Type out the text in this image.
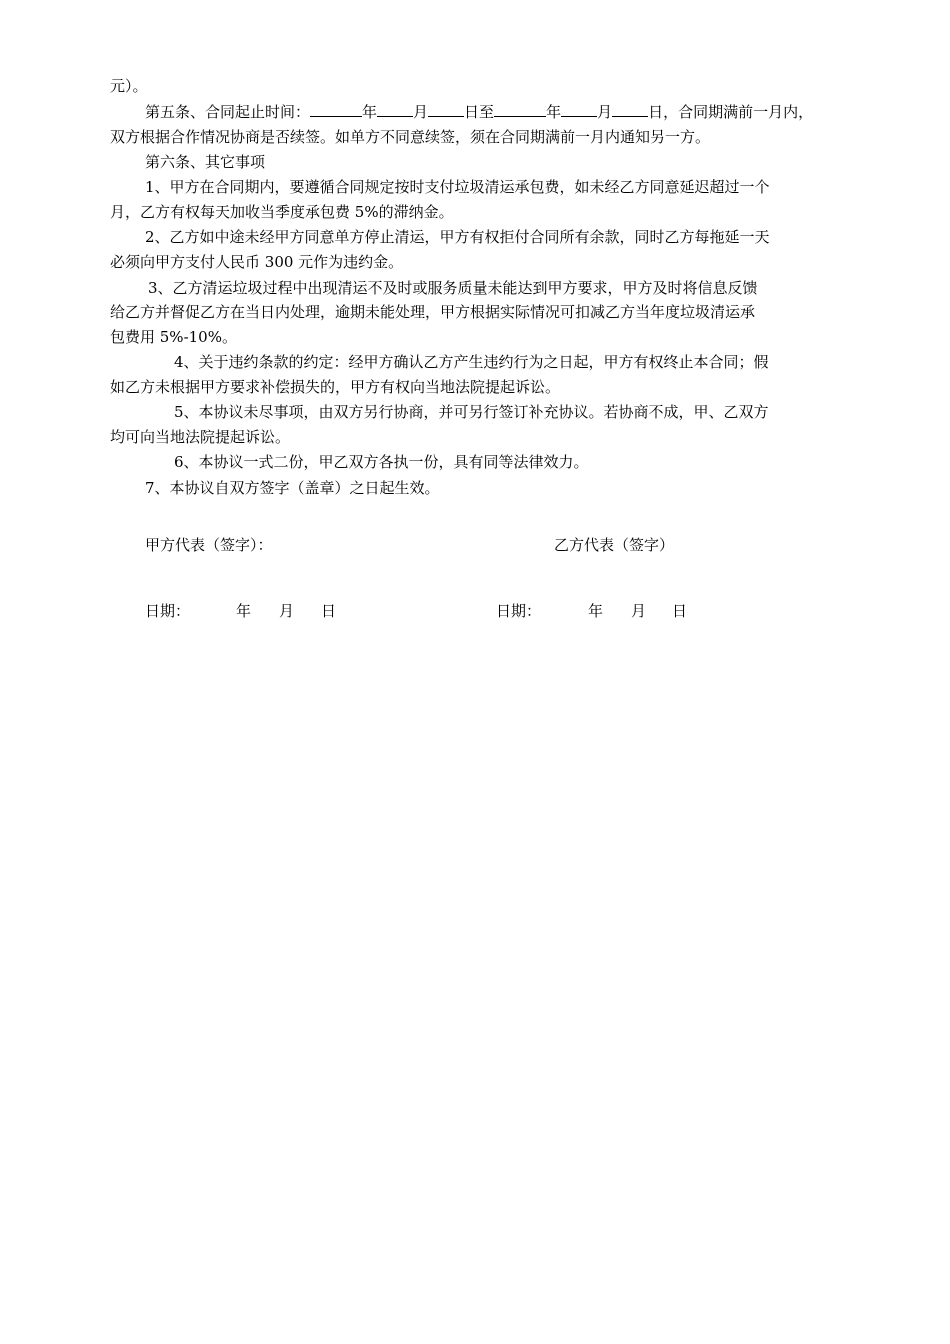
元）。
第五条、合同起止时间：	年 月 日至	年 月 日，合同期满前一月内，
双方根据合作情况协商是否续签。如单方不同意续签，须在合同期满前一月内通知另一方。
第六条、其它事项
1、甲方在合同期内，要遵循合同规定按时支付垃圾清运承包费，如未经乙方同意延迟超过一个
月，乙方有权每天加收当季度承包费 5%的滞纳金。
2、乙方如中途未经甲方同意单方停止清运，甲方有权拒付合同所有余款，同时乙方每拖延一天
必须向甲方支付人民币 300 元作为违约金。
3、乙方清运垃圾过程中出现清运不及时或服务质量未能达到甲方要求，甲方及时将信息反馈
给乙方并督促乙方在当日内处理，逾期未能处理，甲方根据实际情况可扣减乙方当年度垃圾清运承
包费用 5%-10%。
4、关于违约条款的约定：经甲方确认乙方产生违约行为之日起，甲方有权终止本合同；假
如乙方未根据甲方要求补偿损失的，甲方有权向当地法院提起诉讼。
5、本协议未尽事项，由双方另行协商，并可另行签订补充协议。若协商不成，甲、乙双方
均可向当地法院提起诉讼。
6、本协议一式二份，甲乙双方各执一份，具有同等法律效力。
7、本协议自双方签字（盖章）之日起生效。
甲方代表（签字）：	乙方代表（签字）
日期：	年 月 日	日期：	年 月 日
